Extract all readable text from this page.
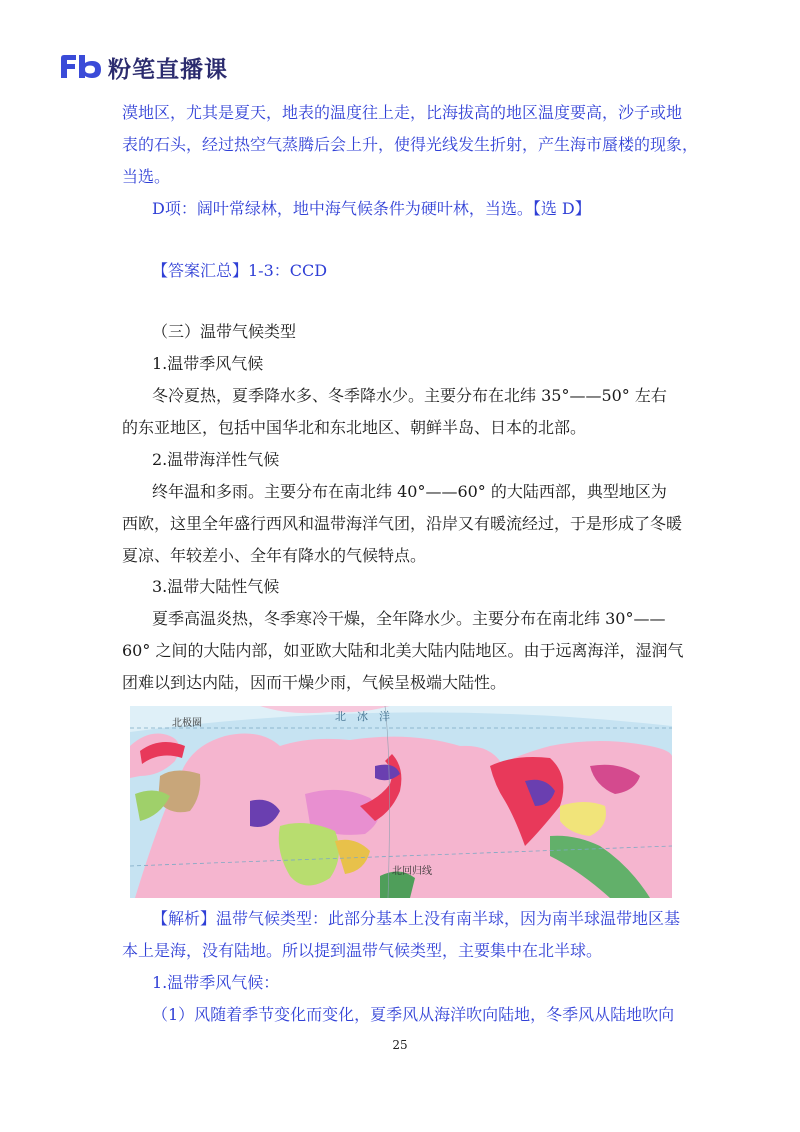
粉笔直播课
漠地区，尤其是夏天，地表的温度往上走，比海拔高的地区温度要高，沙子或地
表的石头，经过热空气蒸腾后会上升，使得光线发生折射，产生海市蜃楼的现象，
当选。
D项：阔叶常绿林，地中海气候条件为硬叶林，当选。【选 D】
【答案汇总】1-3：CCD
（三）温带气候类型
1.温带季风气候
冬冷夏热，夏季降水多、冬季降水少。主要分布在北纬 35°——50° 左右
的东亚地区，包括中国华北和东北地区、朝鲜半岛、日本的北部。
2.温带海洋性气候
终年温和多雨。主要分布在南北纬 40°——60° 的大陆西部，典型地区为
西欧，这里全年盛行西风和温带海洋气团，沿岸又有暖流经过，于是形成了冬暖
夏凉、年较差小、全年有降水的气候特点。
3.温带大陆性气候
夏季高温炎热，冬季寒冷干燥，全年降水少。主要分布在南北纬 30°——
60° 之间的大陆内部，如亚欧大陆和北美大陆内陆地区。由于远离海洋，湿润气
团难以到达内陆，因而干燥少雨，气候呈极端大陆性。
北极圈
北　冰　洋
北回归线
【解析】温带气候类型：此部分基本上没有南半球，因为南半球温带地区基
本上是海，没有陆地。所以提到温带气候类型，主要集中在北半球。
1.温带季风气候：
（1）风随着季节变化而变化，夏季风从海洋吹向陆地，冬季风从陆地吹向
25
